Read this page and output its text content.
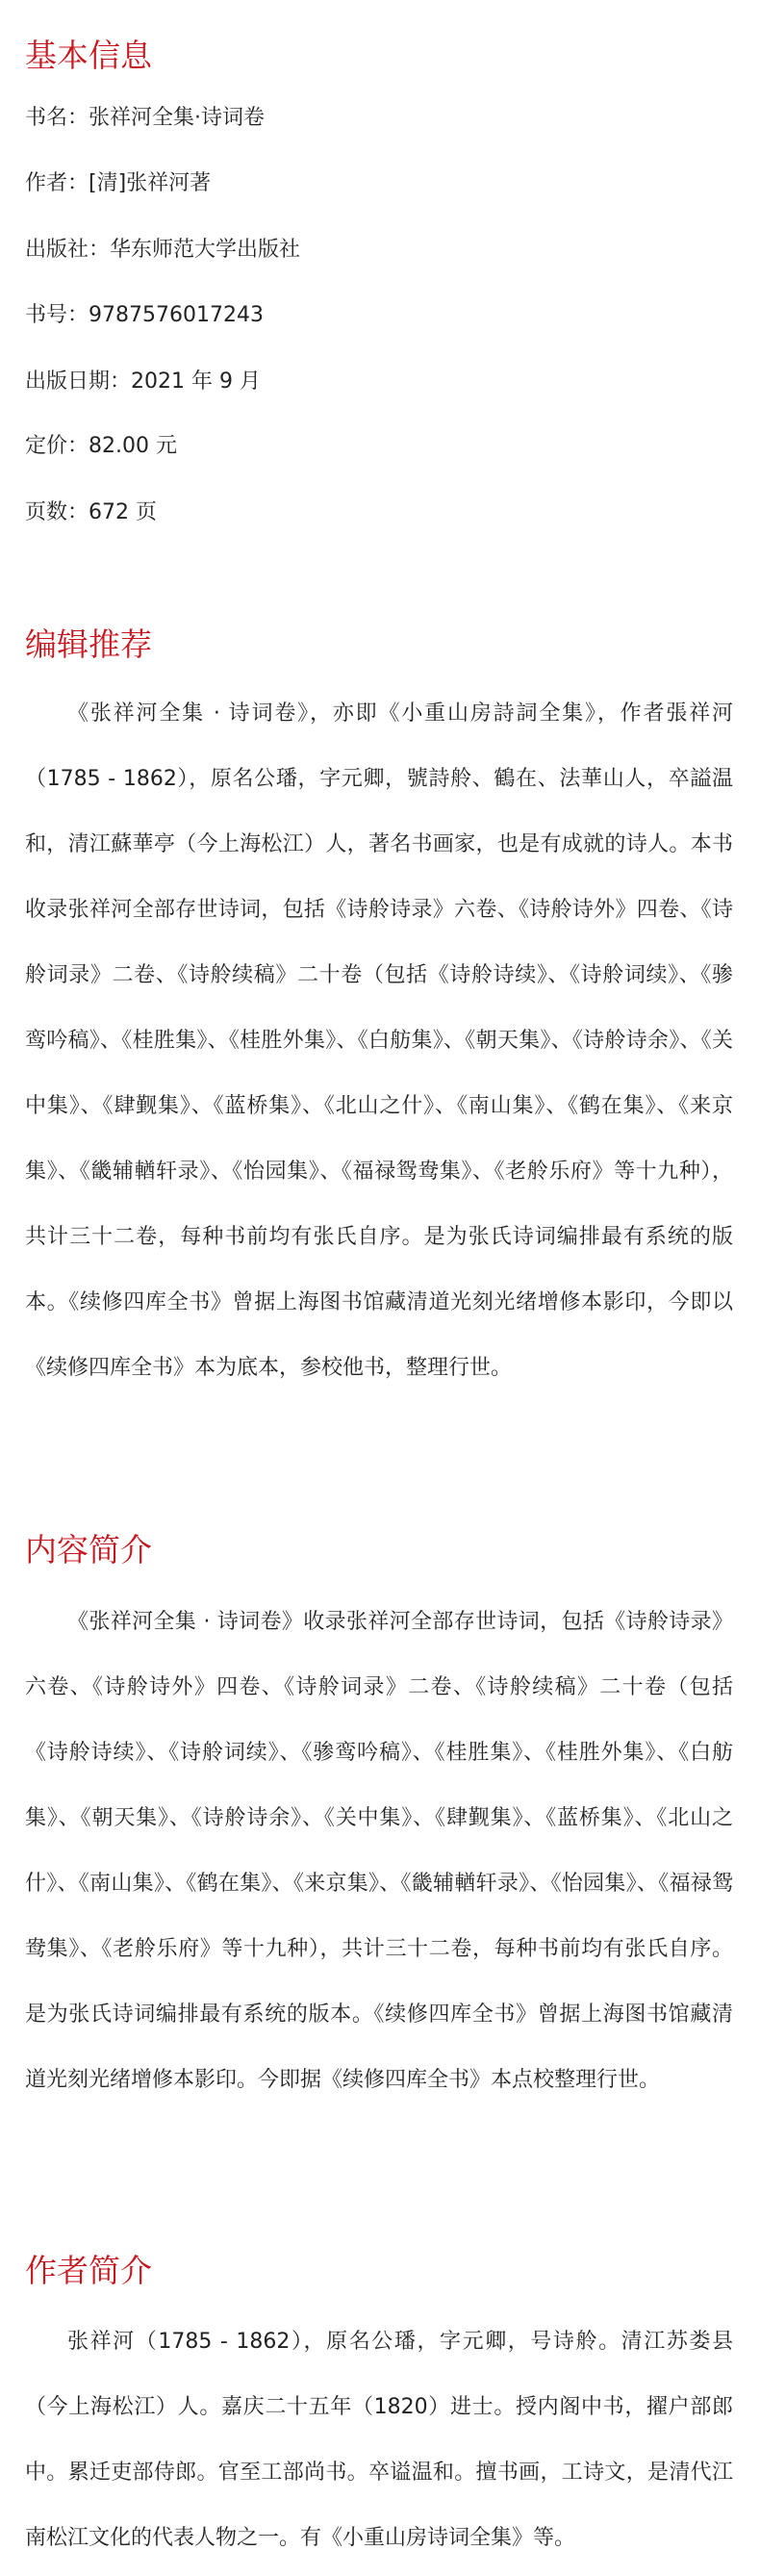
基本信息

书名：张祥河全集·诗词卷

作者：[清]张祥河著

出版社：华东师范大学出版社

书号：9787576017243

出版日期：2021 年 9 月

定价：82.00 元

页数：672 页

编辑推荐

《张祥河全集 · 诗词卷》，亦即《小重山房詩詞全集》，作者張祥河（1785 - 1862），原名公璠，字元卿，號詩舲、鶴在、法華山人，卒謚温和，清江蘇華亭（今上海松江）人，著名书画家，也是有成就的诗人。本书收录张祥河全部存世诗词，包括《诗舲诗录》六卷、《诗舲诗外》四卷、《诗舲词录》二卷、《诗舲续稿》二十卷（包括《诗舲诗续》、《诗舲词续》、《骖鸾吟稿》、《桂胜集》、《桂胜外集》、《白舫集》、《朝天集》、《诗舲诗余》、《关中集》、《肆觐集》、《蓝桥集》、《北山之什》、《南山集》、《鹤在集》、《来京集》、《畿辅輶轩录》、《怡园集》、《福禄鸳鸯集》、《老舲乐府》等十九种），共计三十二卷，每种书前均有张氏自序。是为张氏诗词编排最有系统的版本。《续修四库全书》曾据上海图书馆藏清道光刻光绪增修本影印，今即以《续修四库全书》本为底本，参校他书，整理行世。

内容简介

《张祥河全集 · 诗词卷》收录张祥河全部存世诗词，包括《诗舲诗录》六卷、《诗舲诗外》四卷、《诗舲词录》二卷、《诗舲续稿》二十卷（包括《诗舲诗续》、《诗舲词续》、《骖鸾吟稿》、《桂胜集》、《桂胜外集》、《白舫集》、《朝天集》、《诗舲诗余》、《关中集》、《肆觐集》、《蓝桥集》、《北山之什》、《南山集》、《鹤在集》、《来京集》、《畿辅輶轩录》、《怡园集》、《福禄鸳鸯集》、《老舲乐府》等十九种），共计三十二卷，每种书前均有张氏自序。是为张氏诗词编排最有系统的版本。《续修四库全书》曾据上海图书馆藏清道光刻光绪增修本影印。今即据《续修四库全书》本点校整理行世。

作者简介

张祥河（1785 - 1862），原名公璠，字元卿，号诗舲。清江苏娄县（今上海松江）人。嘉庆二十五年（1820）进士。授内阁中书，擢户部郎中。累迁吏部侍郎。官至工部尚书。卒谥温和。擅书画，工诗文，是清代江南松江文化的代表人物之一。有《小重山房诗词全集》等。
